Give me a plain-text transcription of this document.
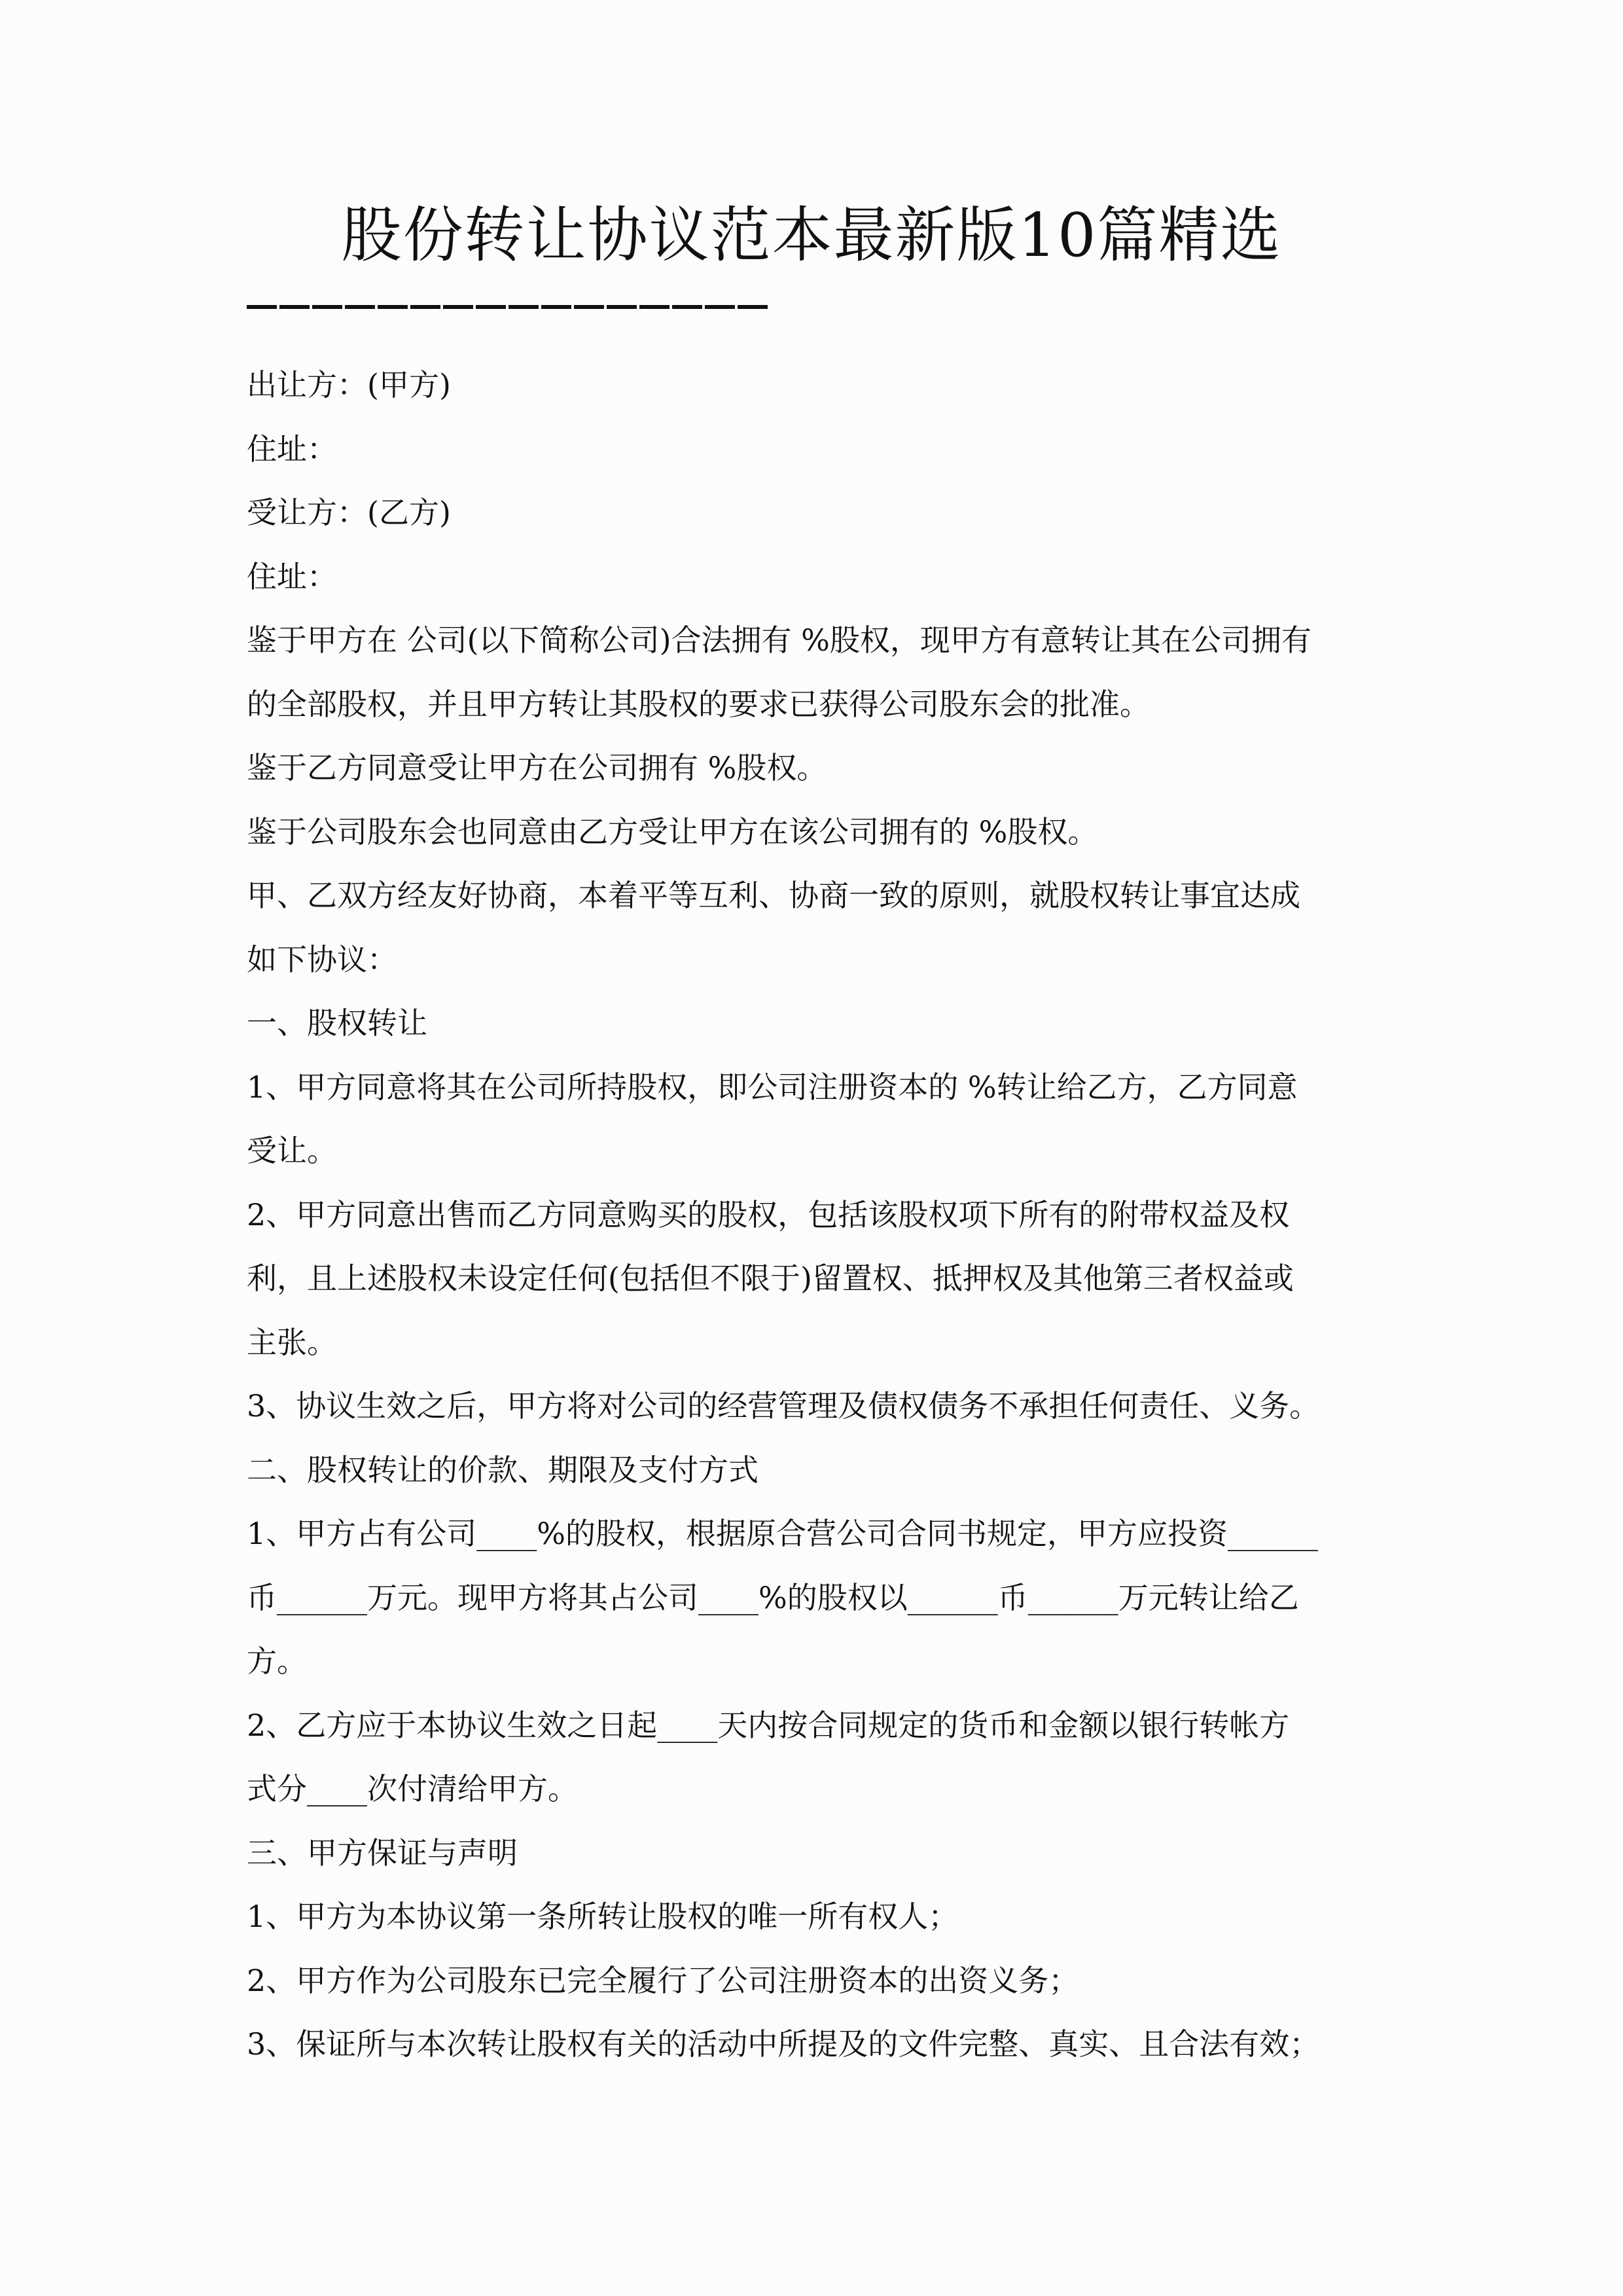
股份转让协议范本最新版10篇精选
出让方：(甲方)
住址：
受让方：(乙方)
住址：
鉴于甲方在 公司(以下简称公司)合法拥有 %股权，现甲方有意转让其在公司拥有
的全部股权，并且甲方转让其股权的要求已获得公司股东会的批准。
鉴于乙方同意受让甲方在公司拥有 %股权。
鉴于公司股东会也同意由乙方受让甲方在该公司拥有的 %股权。
甲、乙双方经友好协商，本着平等互利、协商一致的原则，就股权转让事宜达成
如下协议：
一、股权转让
1、甲方同意将其在公司所持股权，即公司注册资本的 %转让给乙方，乙方同意
受让。
2、甲方同意出售而乙方同意购买的股权，包括该股权项下所有的附带权益及权
利，且上述股权未设定任何(包括但不限于)留置权、抵押权及其他第三者权益或
主张。
3、协议生效之后，甲方将对公司的经营管理及债权债务不承担任何责任、义务。
二、股权转让的价款、期限及支付方式
1、甲方占有公司____%的股权，根据原合营公司合同书规定，甲方应投资______
币______万元。现甲方将其占公司____%的股权以______币______万元转让给乙
方。
2、乙方应于本协议生效之日起____天内按合同规定的货币和金额以银行转帐方
式分____次付清给甲方。
三、甲方保证与声明
1、甲方为本协议第一条所转让股权的唯一所有权人；
2、甲方作为公司股东已完全履行了公司注册资本的出资义务；
3、保证所与本次转让股权有关的活动中所提及的文件完整、真实、且合法有效；
